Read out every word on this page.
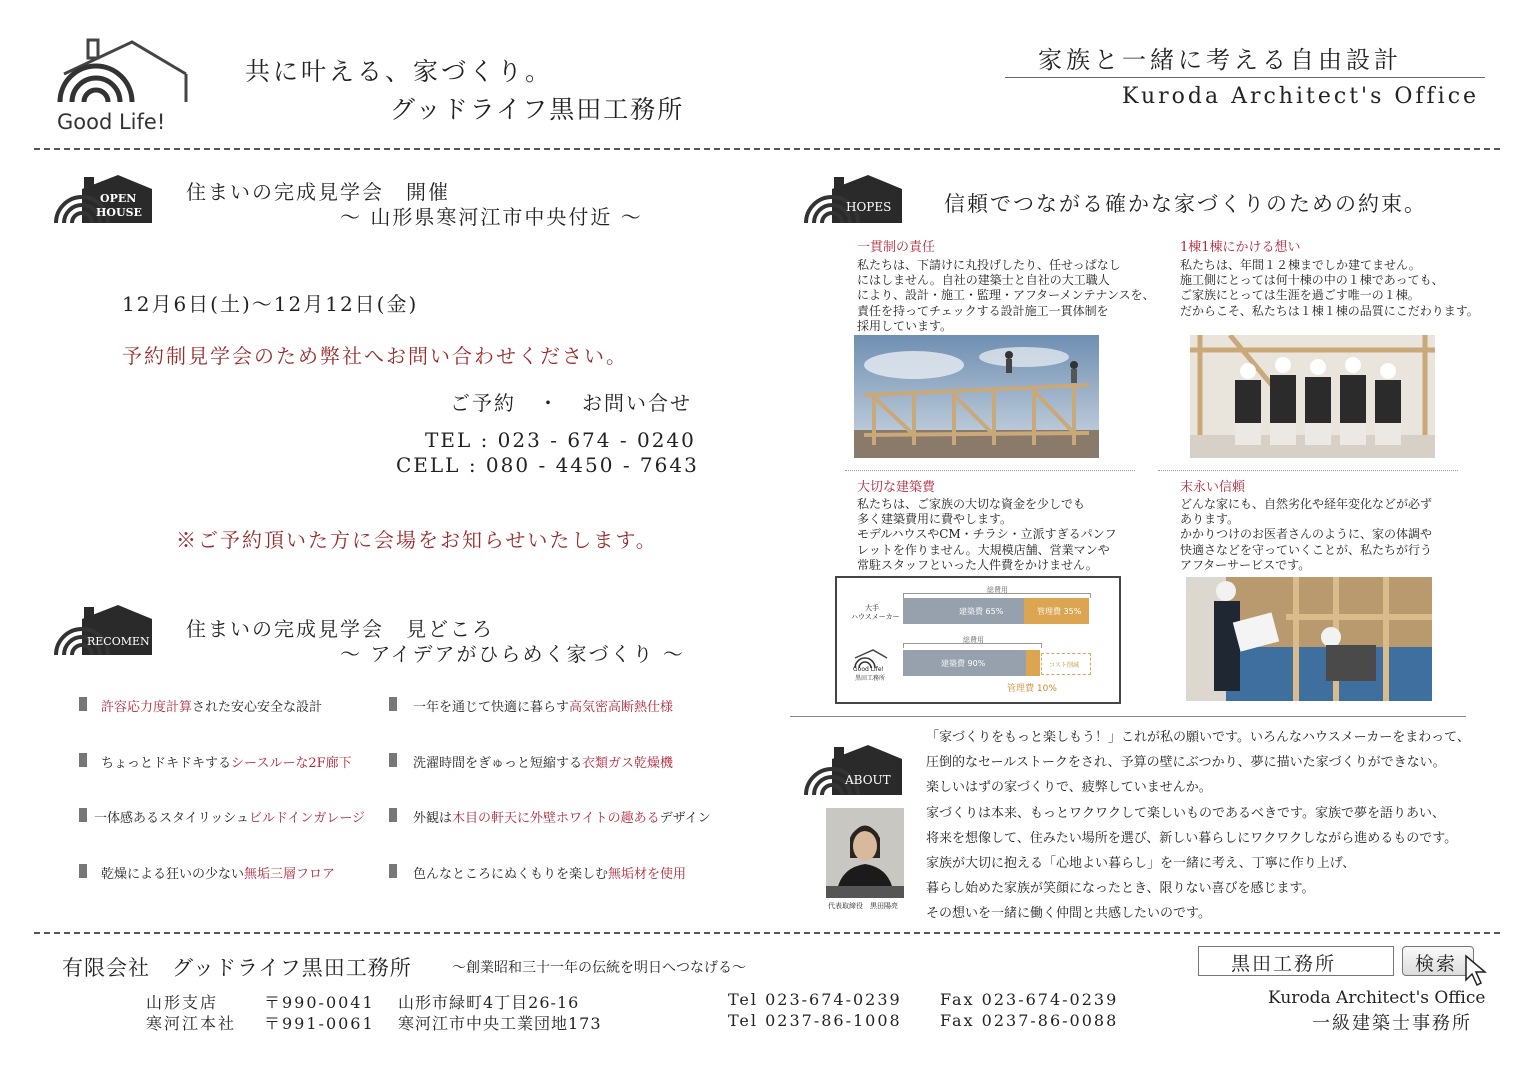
Good Life!
共に叶える、家づくり。
グッドライフ黒田工務所
家族と一緒に考える自由設計
Kuroda Architect's Office
OPEN
HOUSE
住まいの完成見学会　開催
～ 山形県寒河江市中央付近 ～
12月6日(土)～12月12日(金)
予約制見学会のため弊社へお問い合わせください。
ご予約　・　お問い合せ
TEL : 023 - 674 - 0240
CELL : 080 - 4450 - 7643
※ご予約頂いた方に会場をお知らせいたします。
RECOMEN
住まいの完成見学会　見どころ
～ アイデアがひらめく家づくり ～
許容応力度計算された安心安全な設計
ちょっとドキドキするシースルーな2F廊下
一体感あるスタイリッシュビルドインガレージ
乾燥による狂いの少ない無垢三層フロア
一年を通じて快適に暮らす高気密高断熱仕様
洗濯時間をぎゅっと短縮する衣類ガス乾燥機
外観は木目の軒天に外壁ホワイトの趣あるデザイン
色んなところにぬくもりを楽しむ無垢材を使用
HOPES	信頼でつながる確かな家づくりのための約束。
一貫制の責任
私たちは、下請けに丸投げしたり、任せっぱなし
にはしません。自社の建築士と自社の大工職人
により、設計・施工・監理・アフターメンテナンスを、
責任を持ってチェックする設計施工一貫体制を
採用しています。
1棟1棟にかける想い
私たちは、年間１２棟までしか建てません。
施工側にとっては何十棟の中の１棟であっても、
ご家族にとっては生涯を過ごす唯一の１棟。
だからこそ、私たちは１棟１棟の品質にこだわります。
大切な建築費
私たちは、ご家族の大切な資金を少しでも
多く建築費用に費やします。
モデルハウスやCM・チラシ・立派すぎるパンフ
レットを作りません。大規模店舗、営業マンや
常駐スタッフといった人件費をかけません。
末永い信頼
どんな家にも、自然劣化や経年変化などが必ず
あります。
かかりつけのお医者さんのように、家の体調や
快適さなどを守っていくことが、私たちが行う
アフターサービスです。
大手
ハウスメーカー
総費用
建築費 65%	管理費 35%
総費用
Good Life!
黒田工務所
建築費 90%	コスト削減
管理費 10%
ABOUT
代表取締役　黒田陽亮
「家づくりをもっと楽しもう！」これが私の願いです。いろんなハウスメーカーをまわって、
圧倒的なセールストークをされ、予算の壁にぶつかり、夢に描いた家づくりができない。
楽しいはずの家づくりで、疲弊していませんか。
家づくりは本来、もっとワクワクして楽しいものであるべきです。家族で夢を語りあい、
将来を想像して、住みたい場所を選び、新しい暮らしにワクワクしながら進めるものです。
家族が大切に抱える「心地よい暮らし」を一緒に考え、丁寧に作り上げ、
暮らし始めた家族が笑顔になったとき、限りない喜びを感じます。
その想いを一緒に働く仲間と共感したいのです。
有限会社　グッドライフ黒田工務所	～創業昭和三十一年の伝統を明日へつなげる～
山形支店	〒990-0041 山形市緑町4丁目26-16	Tel 023-674-0239 Fax 023-674-0239
寒河江本社 〒991-0061 寒河江市中央工業団地173	Tel 0237-86-1008 Fax 0237-86-0088
黒田工務所	検索
Kuroda Architect's Office
一級建築士事務所
